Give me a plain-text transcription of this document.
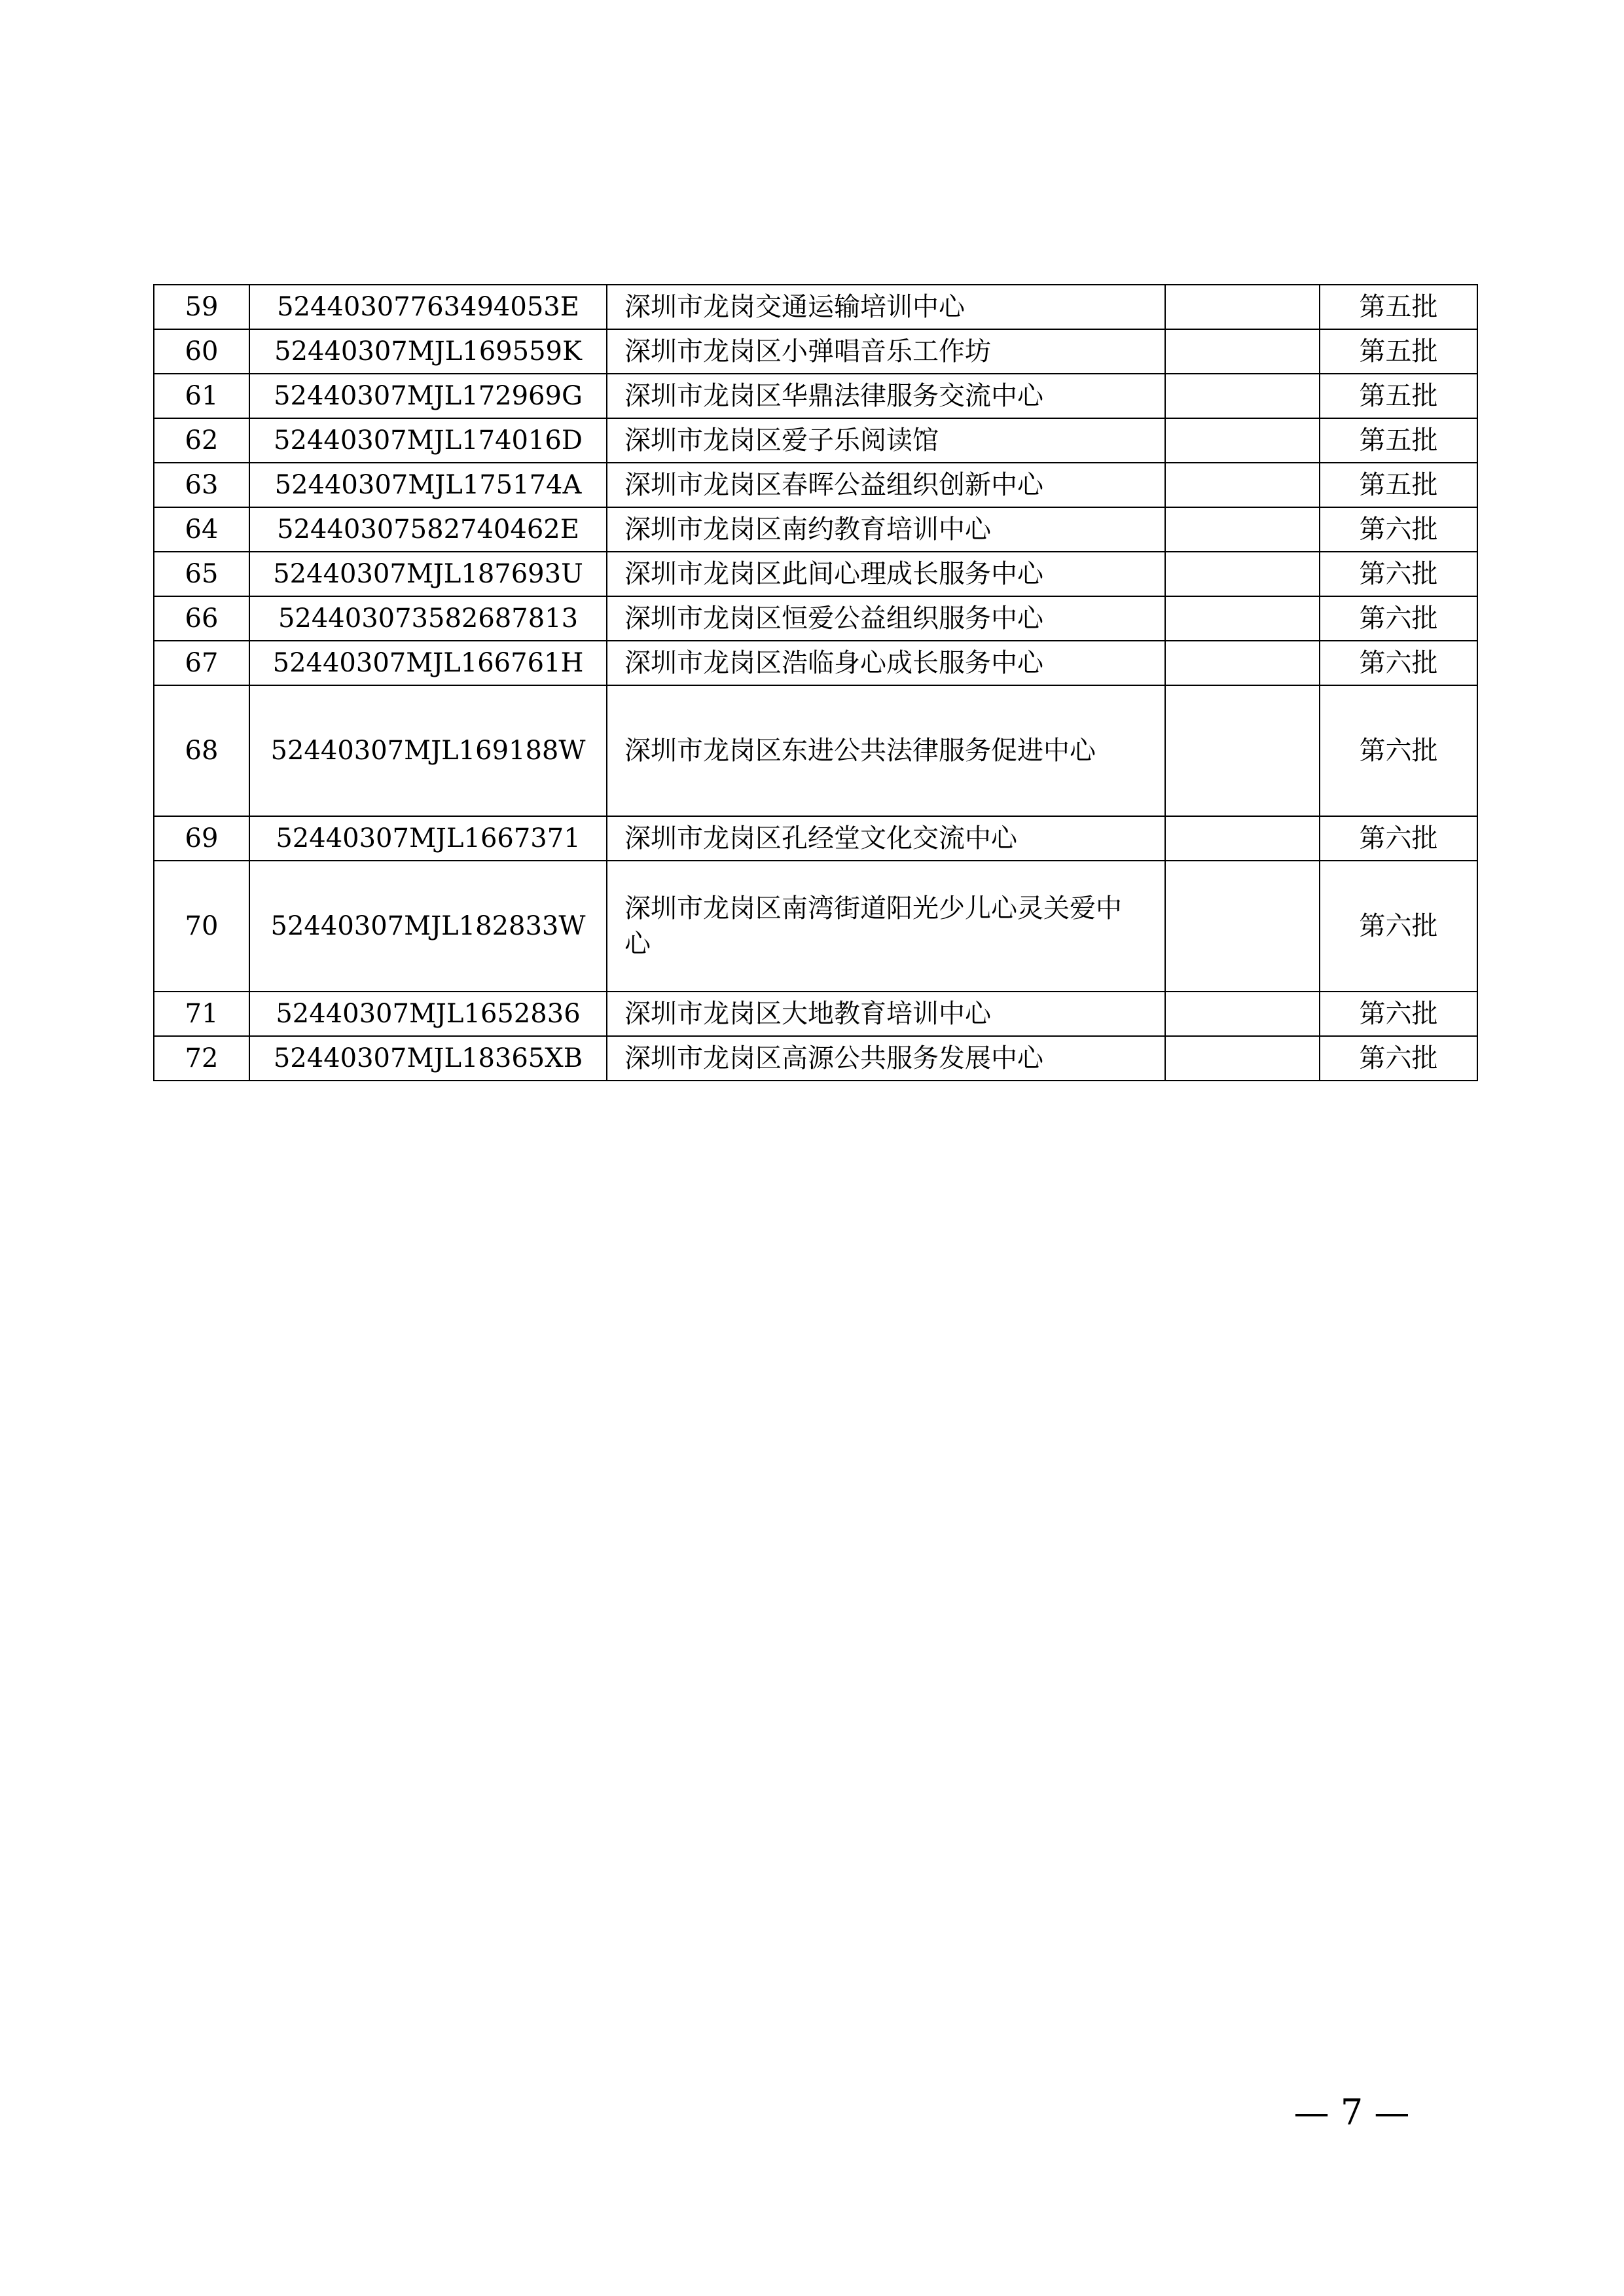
59	52440307763494053E	深圳市龙岗交通运输培训中心		第五批
60	52440307MJL169559K	深圳市龙岗区小弹唱音乐工作坊		第五批
61	52440307MJL172969G	深圳市龙岗区华鼎法律服务交流中心		第五批
62	52440307MJL174016D	深圳市龙岗区爱子乐阅读馆		第五批
63	52440307MJL175174A	深圳市龙岗区春晖公益组织创新中心		第五批
64	52440307582740462E	深圳市龙岗区南约教育培训中心		第六批
65	52440307MJL187693U	深圳市龙岗区此间心理成长服务中心		第六批
66	524403073582687813	深圳市龙岗区恒爱公益组织服务中心		第六批
67	52440307MJL166761H	深圳市龙岗区浩临身心成长服务中心		第六批
68	52440307MJL169188W	深圳市龙岗区东进公共法律服务促进中心		第六批
69	52440307MJL1667371	深圳市龙岗区孔经堂文化交流中心		第六批
70	52440307MJL182833W	深圳市龙岗区南湾街道阳光少儿心灵关爱中心		第六批
71	52440307MJL1652836	深圳市龙岗区大地教育培训中心		第六批
72	52440307MJL18365XB	深圳市龙岗区高源公共服务发展中心		第六批
— 7 —
